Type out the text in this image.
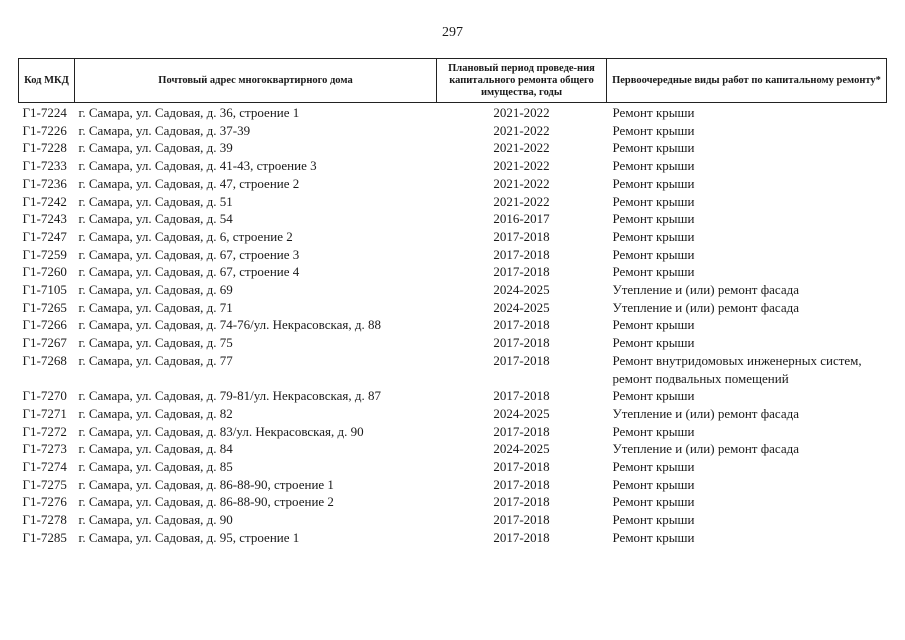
297
Код МКД	Почтовый адрес многоквартирного дома	Плановый период проведе-ния капитального ремонта общего имущества, годы	Первоочередные виды работ по капитальному ремонту*
Г1-7224	г. Самара, ул. Садовая, д. 36, строение 1	2021-2022	Ремонт крыши

Г1-7226	г. Самара, ул. Садовая, д. 37-39	2021-2022	Ремонт крыши

Г1-7228	г. Самара, ул. Садовая, д. 39	2021-2022	Ремонт крыши

Г1-7233	г. Самара, ул. Садовая, д. 41-43, строение 3	2021-2022	Ремонт крыши

Г1-7236	г. Самара, ул. Садовая, д. 47, строение 2	2021-2022	Ремонт крыши

Г1-7242	г. Самара, ул. Садовая, д. 51	2021-2022	Ремонт крыши

Г1-7243	г. Самара, ул. Садовая, д. 54	2016-2017	Ремонт крыши

Г1-7247	г. Самара, ул. Садовая, д. 6, строение 2	2017-2018	Ремонт крыши

Г1-7259	г. Самара, ул. Садовая, д. 67, строение 3	2017-2018	Ремонт крыши

Г1-7260	г. Самара, ул. Садовая, д. 67, строение 4	2017-2018	Ремонт крыши

Г1-7105	г. Самара, ул. Садовая, д. 69	2024-2025	Утепление и (или) ремонт фасада

Г1-7265	г. Самара, ул. Садовая, д. 71	2024-2025	Утепление и (или) ремонт фасада

Г1-7266	г. Самара, ул. Садовая, д. 74-76/ул. Некрасовская, д. 88	2017-2018	Ремонт крыши

Г1-7267	г. Самара, ул. Садовая, д. 75	2017-2018	Ремонт крыши

Г1-7268	г. Самара, ул. Садовая, д. 77	2017-2018	Ремонт внутридомовых инженерных систем,
ремонт подвальных помещений

Г1-7270	г. Самара, ул. Садовая, д. 79-81/ул. Некрасовская, д. 87	2017-2018	Ремонт крыши

Г1-7271	г. Самара, ул. Садовая, д. 82	2024-2025	Утепление и (или) ремонт фасада

Г1-7272	г. Самара, ул. Садовая, д. 83/ул. Некрасовская, д. 90	2017-2018	Ремонт крыши

Г1-7273	г. Самара, ул. Садовая, д. 84	2024-2025	Утепление и (или) ремонт фасада

Г1-7274	г. Самара, ул. Садовая, д. 85	2017-2018	Ремонт крыши

Г1-7275	г. Самара, ул. Садовая, д. 86-88-90, строение 1	2017-2018	Ремонт крыши

Г1-7276	г. Самара, ул. Садовая, д. 86-88-90, строение 2	2017-2018	Ремонт крыши

Г1-7278	г. Самара, ул. Садовая, д. 90	2017-2018	Ремонт крыши

Г1-7285	г. Самара, ул. Садовая, д. 95, строение 1	2017-2018	Ремонт крыши
